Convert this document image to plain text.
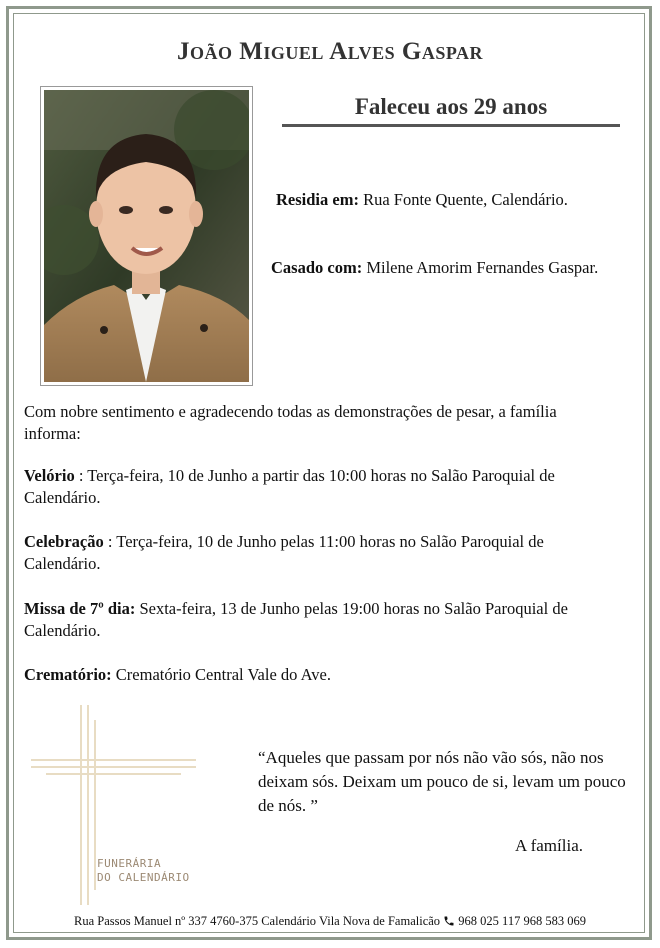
João Miguel Alves Gaspar
Faleceu aos 29 anos
Residia em: Rua Fonte Quente, Calendário.
Casado com: Milene Amorim Fernandes Gaspar.
Com nobre sentimento e agradecendo todas as demonstrações de pesar, a família informa:
Velório : Terça-feira, 10 de Junho a partir das 10:00 horas no Salão Paroquial de Calendário.
Celebração : Terça-feira, 10 de Junho pelas 11:00 horas no Salão Paroquial de Calendário.
Missa de 7º dia: Sexta-feira, 13 de Junho pelas 19:00 horas no Salão Paroquial de Calendário.
Crematório: Crematório Central Vale do Ave.
FUNERÁRIA
DO CALENDÁRIO
“Aqueles que passam por nós não vão sós, não nos deixam sós. Deixam um pouco de si, levam um pouco de nós. ”
A família.
Rua Passos Manuel nº 337 4760-375 Calendário Vila Nova de Famalicão 968 025 117 968 583 069
